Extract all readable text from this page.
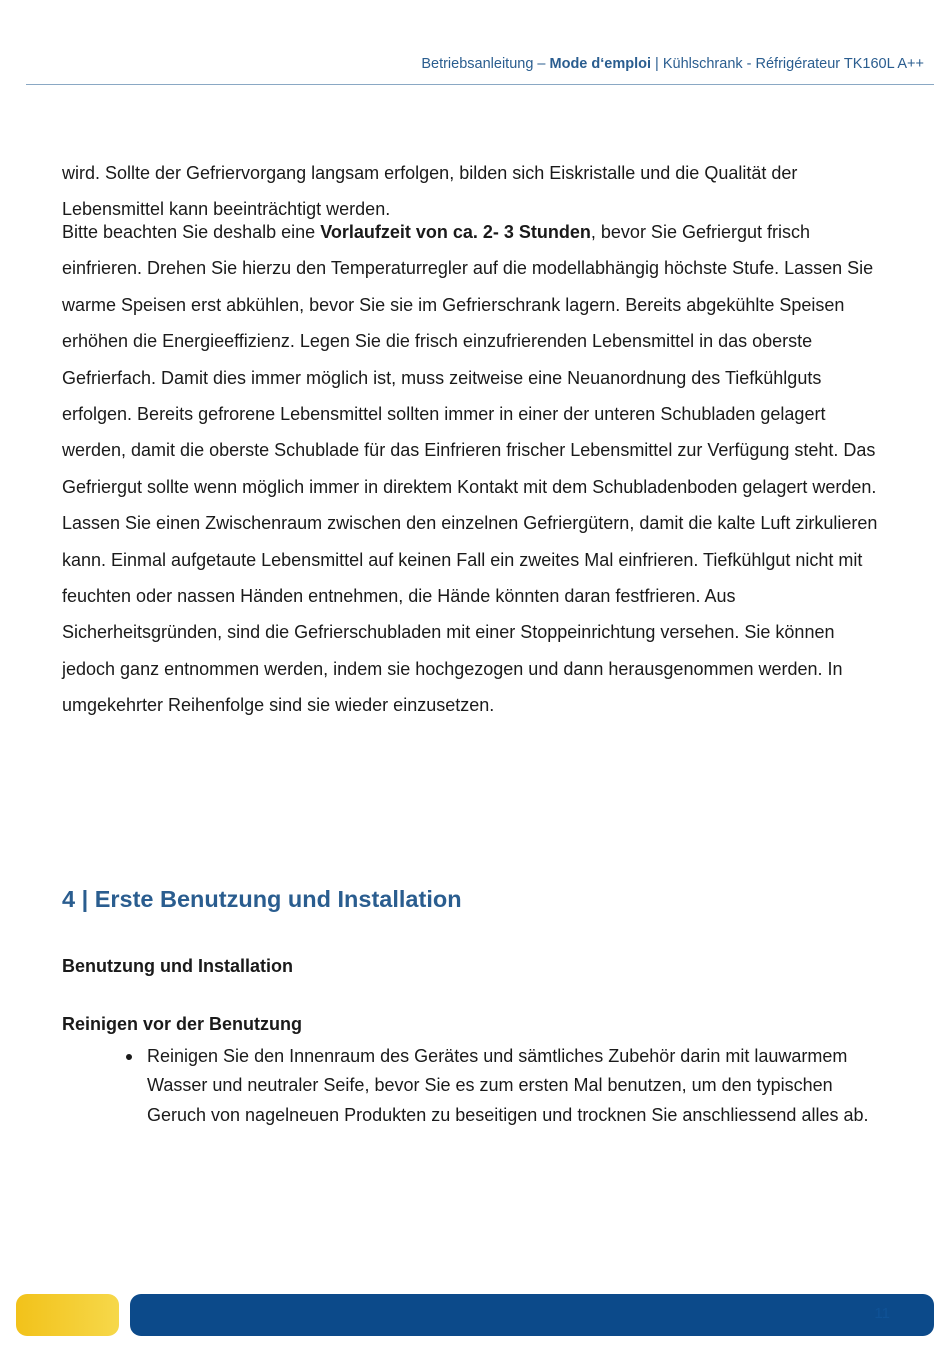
Betriebsanleitung – Mode d‘emploi | Kühlschrank - Réfrigérateur TK160L A++

wird. Sollte der Gefriervorgang langsam erfolgen, bilden sich Eiskristalle und die Qualität der Lebensmittel kann beeinträchtigt werden.

Bitte beachten Sie deshalb eine Vorlaufzeit von ca. 2- 3 Stunden, bevor Sie Gefriergut frisch einfrieren. Drehen Sie hierzu den Temperaturregler auf die modellabhängig höchste Stufe. Lassen Sie warme Speisen erst abkühlen, bevor Sie sie im Gefrierschrank lagern. Bereits abgekühlte Speisen erhöhen die Energieeffizienz. Legen Sie die frisch einzufrierenden Lebensmittel in das oberste Gefrierfach. Damit dies immer möglich ist, muss zeitweise eine Neuanordnung des Tiefkühlguts erfolgen. Bereits gefrorene Lebensmittel sollten immer in einer der unteren Schubladen gelagert werden, damit die oberste Schublade für das Einfrieren frischer Lebensmittel zur Verfügung steht. Das Gefriergut sollte wenn möglich immer in direktem Kontakt mit dem Schubladenboden gelagert werden. Lassen Sie einen Zwischenraum zwischen den einzelnen Gefriergütern, damit die kalte Luft zirkulieren kann. Einmal aufgetaute Lebensmittel auf keinen Fall ein zweites Mal einfrieren. Tiefkühlgut nicht mit feuchten oder nassen Händen entnehmen, die Hände könnten daran festfrieren. Aus Sicherheitsgründen, sind die Gefrierschubladen mit einer Stoppeinrichtung versehen. Sie können jedoch ganz entnommen werden, indem sie hochgezogen und dann herausgenommen werden. In umgekehrter Reihenfolge sind sie wieder einzusetzen.

4 | Erste Benutzung und Installation
Benutzung und Installation
Reinigen vor der Benutzung
Reinigen Sie den Innenraum des Gerätes und sämtliches Zubehör darin mit lauwarmem Wasser und neutraler Seife, bevor Sie es zum ersten Mal benutzen, um den typischen Geruch von nagelneuen Produkten zu beseitigen und trocknen Sie anschliessend alles ab.
11
